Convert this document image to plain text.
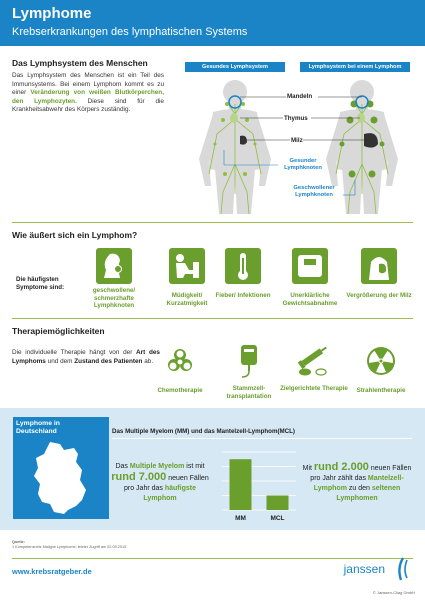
Lymphome
Krebserkrankungen des lymphatischen Systems
Das Lymphsystem des Menschen
Das Lymphsystem des Menschen ist ein Teil des Immunsystems. Bei einem Lymphom kommt es zu einer Veränderung von weißen Blutkörperchen, den Lymphozyten. Diese sind für die Krankheitsabwehr des Körpers zuständig.
Gesundes Lymphsystem	Lymphsystem bei einem Lymphom
Mandeln
Thymus
Milz
Gesunder Lymphknoten
Geschwollener Lymphknoten
Wie äußert sich ein Lymphom?
Die häufigsten Symptome sind:	geschwollene/ schmerzhafte Lymphknoten
Müdigkeit/ Kurzatmigkeit
Fieber/ Infektionen	Unerklärliche Gewichtsabnahme
Vergrößerung der Milz
Therapiemöglichkeiten
Die individuelle Therapie hängt von der Art des Lymphoms und dem Zustand des Patienten ab.
Chemotherapie	Stammzell- transplantation
Zielgerichtete Therapie	Strahlentherapie
Lymphome in Deutschland	Das Multiple Myelom (MM) und das Mantelzell-Lymphom(MCL)
Das Multiple Myelom ist mit rund 7.000 neuen Fällen pro Jahr das häufigste Lymphom
MM	MCL
Mit rund 2.000 neuen Fällen pro Jahr zählt das Mantelzell-Lymphom zu den seltenen Lymphomen
Quelle:
1 Kompetenznetz Maligne Lymphome; letzter Zugriff am 02.09.2015
www.krebsratgeber.de	janssen
© Janssen-Cilag GmbH
